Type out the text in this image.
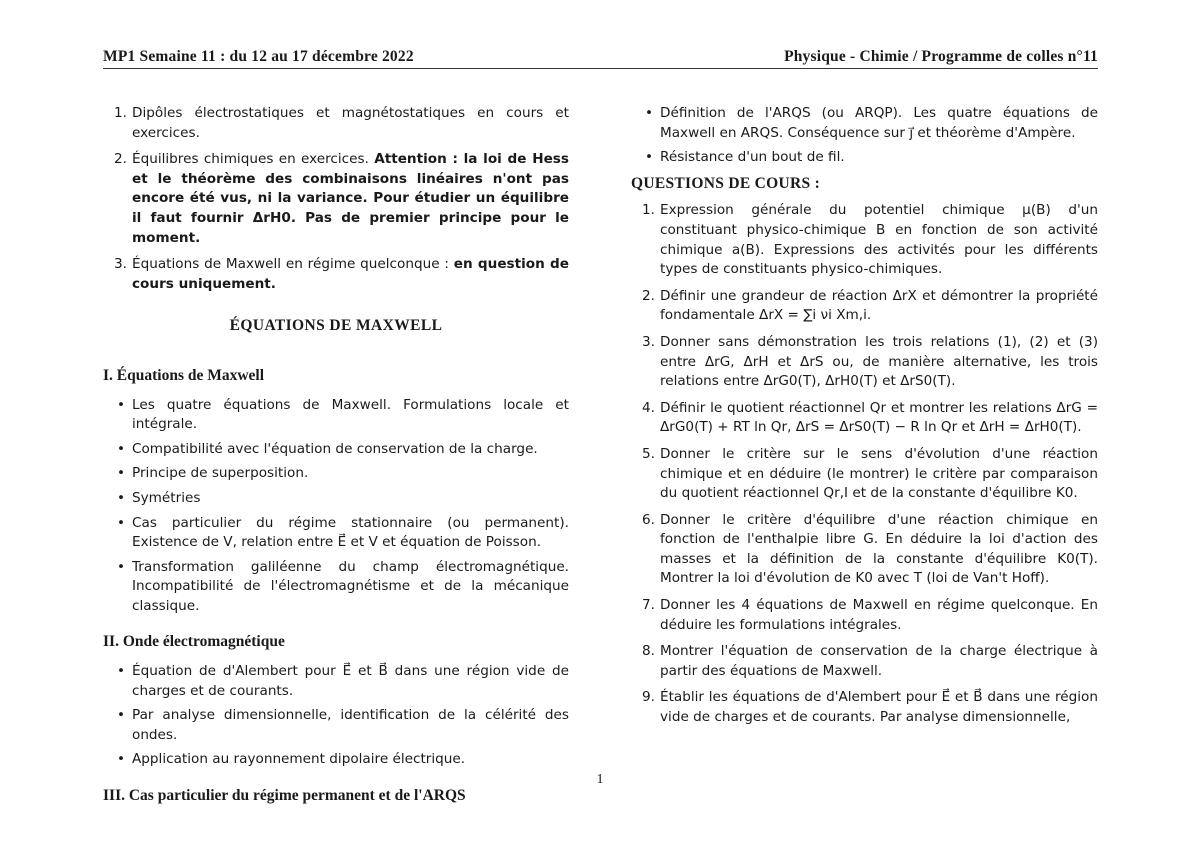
MP1 Semaine 11 : du 12 au 17 décembre 2022	Physique - Chimie / Programme de colles n°11
1. Dipôles électrostatiques et magnétostatiques en cours et exercices.
2. Équilibres chimiques en exercices. Attention : la loi de Hess et le théorème des combinaisons linéaires n'ont pas encore été vus, ni la variance. Pour étudier un équilibre il faut fournir ΔrH0. Pas de premier principe pour le moment.
3. Équations de Maxwell en régime quelconque : en question de cours uniquement.
ÉQUATIONS DE MAXWELL
I. Équations de Maxwell
• Les quatre équations de Maxwell. Formulations locale et intégrale.
• Compatibilité avec l'équation de conservation de la charge.
• Principe de superposition.
• Symétries
• Cas particulier du régime stationnaire (ou permanent). Existence de V, relation entre E⃗ et V et équation de Poisson.
• Transformation galiléenne du champ électromagnétique. Incompatibilité de l'électromagnétisme et de la mécanique classique.
II. Onde électromagnétique
• Équation de d'Alembert pour E⃗ et B⃗ dans une région vide de charges et de courants.
• Par analyse dimensionnelle, identification de la célérité des ondes.
• Application au rayonnement dipolaire électrique.
III. Cas particulier du régime permanent et de l'ARQS
• Définition de l'ARQS (ou ARQP). Les quatre équations de Maxwell en ARQS. Conséquence sur j⃗ et théorème d'Ampère.
• Résistance d'un bout de fil.
QUESTIONS DE COURS :
1. Expression générale du potentiel chimique μ(B) d'un constituant physico-chimique B en fonction de son activité chimique a(B). Expressions des activités pour les différents types de constituants physico-chimiques.
2. Définir une grandeur de réaction ΔrX et démontrer la propriété fondamentale ΔrX = ∑i νi Xm,i.
3. Donner sans démonstration les trois relations (1), (2) et (3) entre ΔrG, ΔrH et ΔrS ou, de manière alternative, les trois relations entre ΔrG0(T), ΔrH0(T) et ΔrS0(T).
4. Définir le quotient réactionnel Qr et montrer les relations ΔrG = ΔrG0(T) + RT ln Qr, ΔrS = ΔrS0(T) − R ln Qr et ΔrH = ΔrH0(T).
5. Donner le critère sur le sens d'évolution d'une réaction chimique et en déduire (le montrer) le critère par comparaison du quotient réactionnel Qr,I et de la constante d'équilibre K0.
6. Donner le critère d'équilibre d'une réaction chimique en fonction de l'enthalpie libre G. En déduire la loi d'action des masses et la définition de la constante d'équilibre K0(T). Montrer la loi d'évolution de K0 avec T (loi de Van't Hoff).
7. Donner les 4 équations de Maxwell en régime quelconque. En déduire les formulations intégrales.
8. Montrer l'équation de conservation de la charge électrique à partir des équations de Maxwell.
9. Établir les équations de d'Alembert pour E⃗ et B⃗ dans une région vide de charges et de courants. Par analyse dimensionnelle,
1
